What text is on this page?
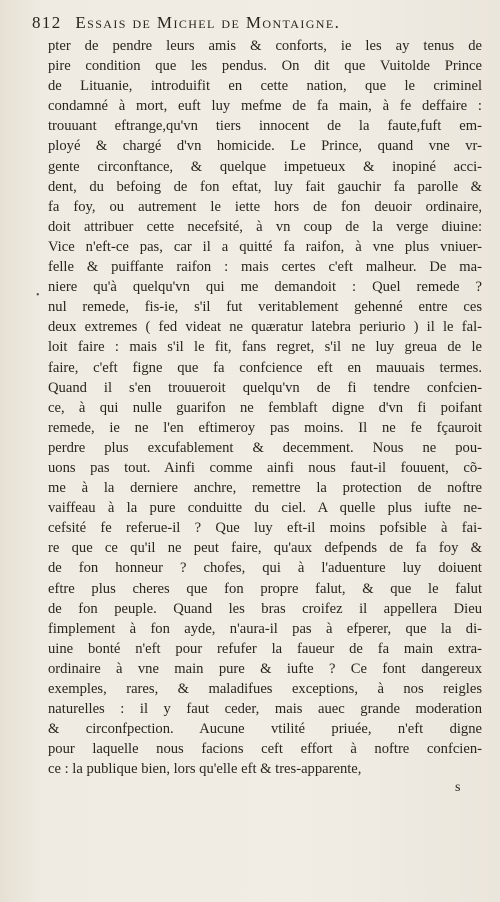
812 Essais de Michel de Montaigne.
•
pter de pendre leurs amis & conforts, ie les ay tenus de
pire condition que les pendus. On dit que Vuitolde Prince
de Lituanie, introduifit en cette nation, que le criminel
condamné à mort, euft luy mefme de fa main, à fe deffaire :
trouuant eftrange,qu'vn tiers innocent de la faute,fuft em-
ployé & chargé d'vn homicide. Le Prince, quand vne vr-
gente circonftance, & quelque impetueux & inopiné acci-
dent, du befoing de fon eftat, luy fait gauchir fa parolle &
fa foy, ou autrement le iette hors de fon deuoir ordinaire,
doit attribuer cette necefsité, à vn coup de la verge diuine:
Vice n'eft-ce pas, car il a quitté fa raifon, à vne plus vniuer-
felle & puiffante raifon : mais certes c'eft malheur. De ma-
niere qu'à quelqu'vn qui me demandoit : Quel remede ?
nul remede, fis-ie, s'il fut veritablement gehenné entre ces
deux extremes ( fed videat ne quæratur latebra periurio ) il le fal-
loit faire : mais s'il le fit, fans regret, s'il ne luy greua de le
faire, c'eft figne que fa confcience eft en mauuais termes.
Quand il s'en trouueroit quelqu'vn de fi tendre confcien-
ce, à qui nulle guarifon ne femblaft digne d'vn fi poifant
remede, ie ne l'en eftimeroy pas moins. Il ne fe fçauroit
perdre plus excufablement & decemment. Nous ne pou-
uons pas tout. Ainfi comme ainfi nous faut-il fouuent, cõ-
me à la derniere anchre, remettre la protection de noftre
vaiffeau à la pure conduitte du ciel. A quelle plus iufte ne-
cefsité fe referue-il ? Que luy eft-il moins pofsible à fai-
re que ce qu'il ne peut faire, qu'aux defpends de fa foy &
de fon honneur ? chofes, qui à l'aduenture luy doiuent
eftre plus cheres que fon propre falut, & que le falut
de fon peuple. Quand les bras croifez il appellera Dieu
fimplement à fon ayde, n'aura-il pas à efperer, que la di-
uine bonté n'eft pour refufer la faueur de fa main extra-
ordinaire à vne main pure & iufte ? Ce font dangereux
exemples, rares, & maladifues exceptions, à nos reigles
naturelles : il y faut ceder, mais auec grande moderation
& circonfpection. Aucune vtilité priuée, n'eft digne
pour laquelle nous facions ceft effort à noftre confcien-
ce : la publique bien, lors qu'elle eft & tres-apparente,
s
